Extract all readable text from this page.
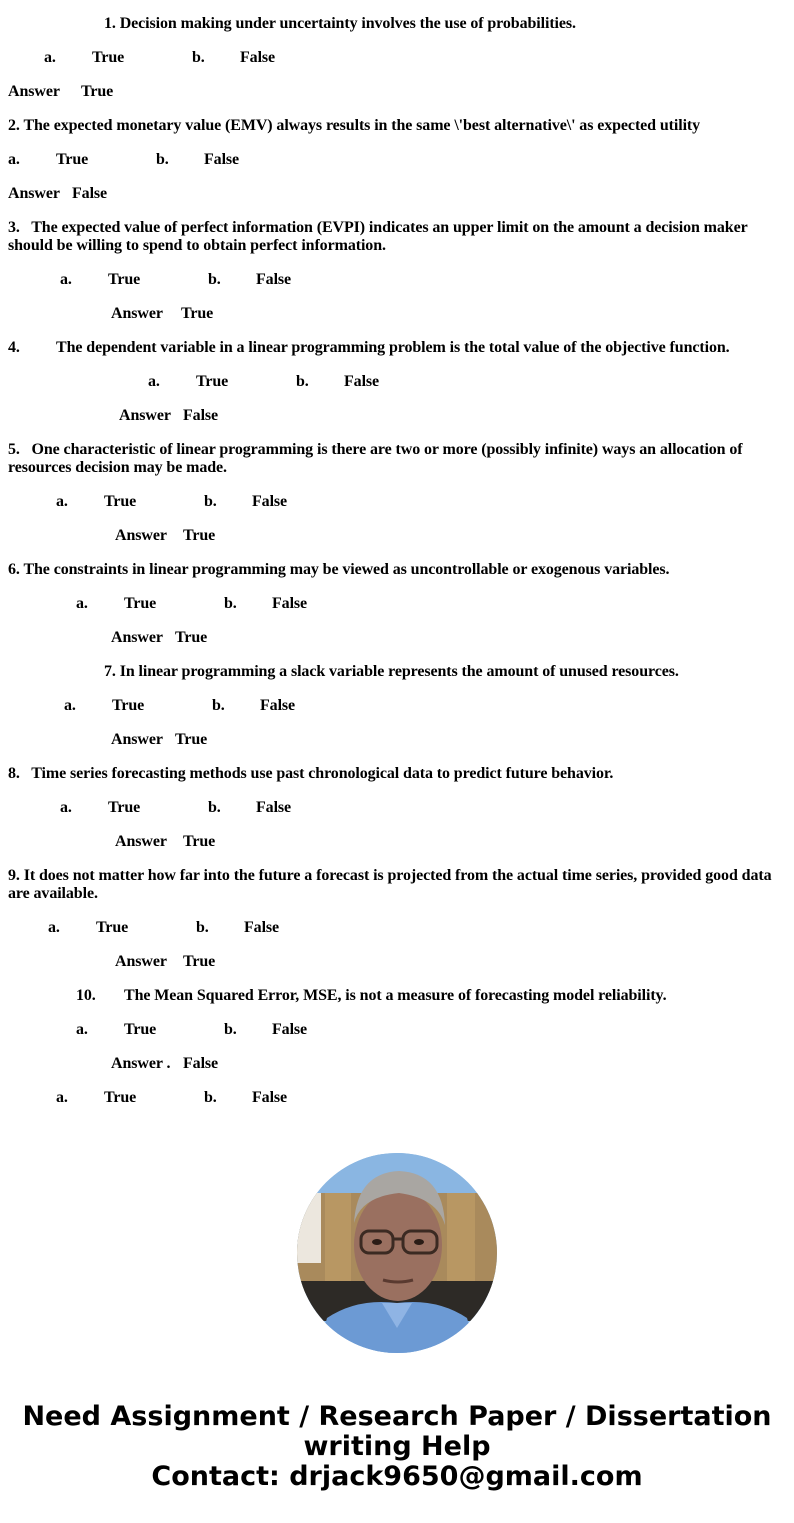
1. Decision making under uncertainty involves the use of probabilities.
a. True	b. False
Answer True
2. The expected monetary value (EMV) always results in the same \'best alternative\' as expected utility
a. True	b. False
Answer False
3. The expected value of perfect information (EVPI) indicates an upper limit on the amount a decision maker should be willing to spend to obtain perfect information.
a. True	b. False
Answer True
4. The dependent variable in a linear programming problem is the total value of the objective function.
a. True	b. False
Answer False
5. One characteristic of linear programming is there are two or more (possibly infinite) ways an allocation of resources decision may be made.
a. True	b. False
Answer True
6. The constraints in linear programming may be viewed as uncontrollable or exogenous variables.
a. True	b. False
Answer True
7. In linear programming a slack variable represents the amount of unused resources.
a. True	b. False
Answer True
8. Time series forecasting methods use past chronological data to predict future behavior.
a. True	b. False
Answer True
9. It does not matter how far into the future a forecast is projected from the actual time series, provided good data are available.
a. True	b. False
Answer True
10. The Mean Squared Error, MSE, is not a measure of forecasting model reliability.
a. True	b. False
Answer . False
a. True	b. False
Need Assignment / Research Paper / Dissertation
writing Help
Contact: drjack9650@gmail.com
